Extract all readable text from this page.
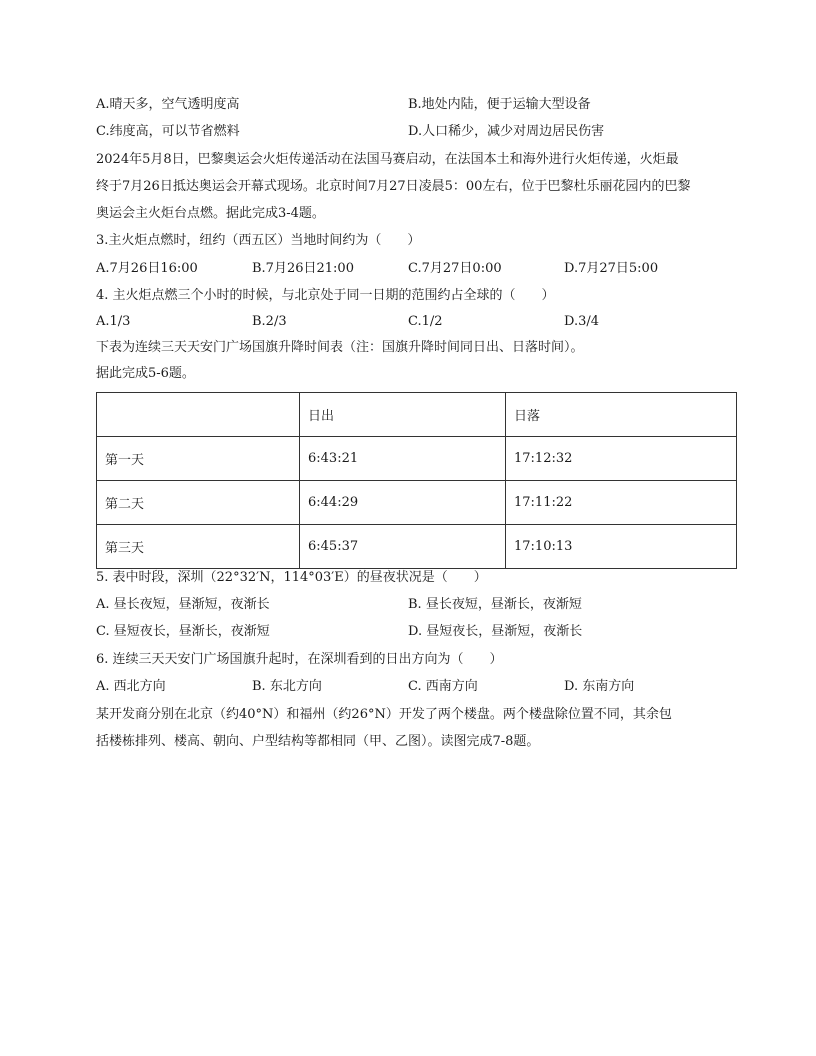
A.晴天多，空气透明度高	B.地处内陆，便于运输大型设备
C.纬度高，可以节省燃料	D.人口稀少，减少对周边居民伤害
2024年5月8日，巴黎奥运会火炬传递活动在法国马赛启动，在法国本土和海外进行火炬传递，火炬最
终于7月26日抵达奥运会开幕式现场。北京时间7月27日凌晨5：00左右，位于巴黎杜乐丽花园内的巴黎
奥运会主火炬台点燃。据此完成3-4题。
3.主火炬点燃时，纽约（西五区）当地时间约为（　　）
A.7月26日16:00	B.7月26日21:00	C.7月27日0:00	D.7月27日5:00
4. 主火炬点燃三个小时的时候，与北京处于同一日期的范围约占全球的（　　）
A.1/3	B.2/3	C.1/2	D.3/4
下表为连续三天天安门广场国旗升降时间表（注：国旗升降时间同日出、日落时间）。
据此完成5-6题。
	日出	日落
第一天	6:43:21	17:12:32
第二天	6:44:29	17:11:22
第三天	6:45:37	17:10:13
5. 表中时段，深圳（22°32′N，114°03′E）的昼夜状况是（　　）
A. 昼长夜短，昼渐短，夜渐长	B. 昼长夜短，昼渐长，夜渐短
C. 昼短夜长，昼渐长，夜渐短	D. 昼短夜长，昼渐短，夜渐长
6. 连续三天天安门广场国旗升起时，在深圳看到的日出方向为（　　）
A. 西北方向	B. 东北方向	C. 西南方向	D. 东南方向
某开发商分别在北京（约40°N）和福州（约26°N）开发了两个楼盘。两个楼盘除位置不同，其余包
括楼栋排列、楼高、朝向、户型结构等都相同（甲、乙图）。读图完成7-8题。
